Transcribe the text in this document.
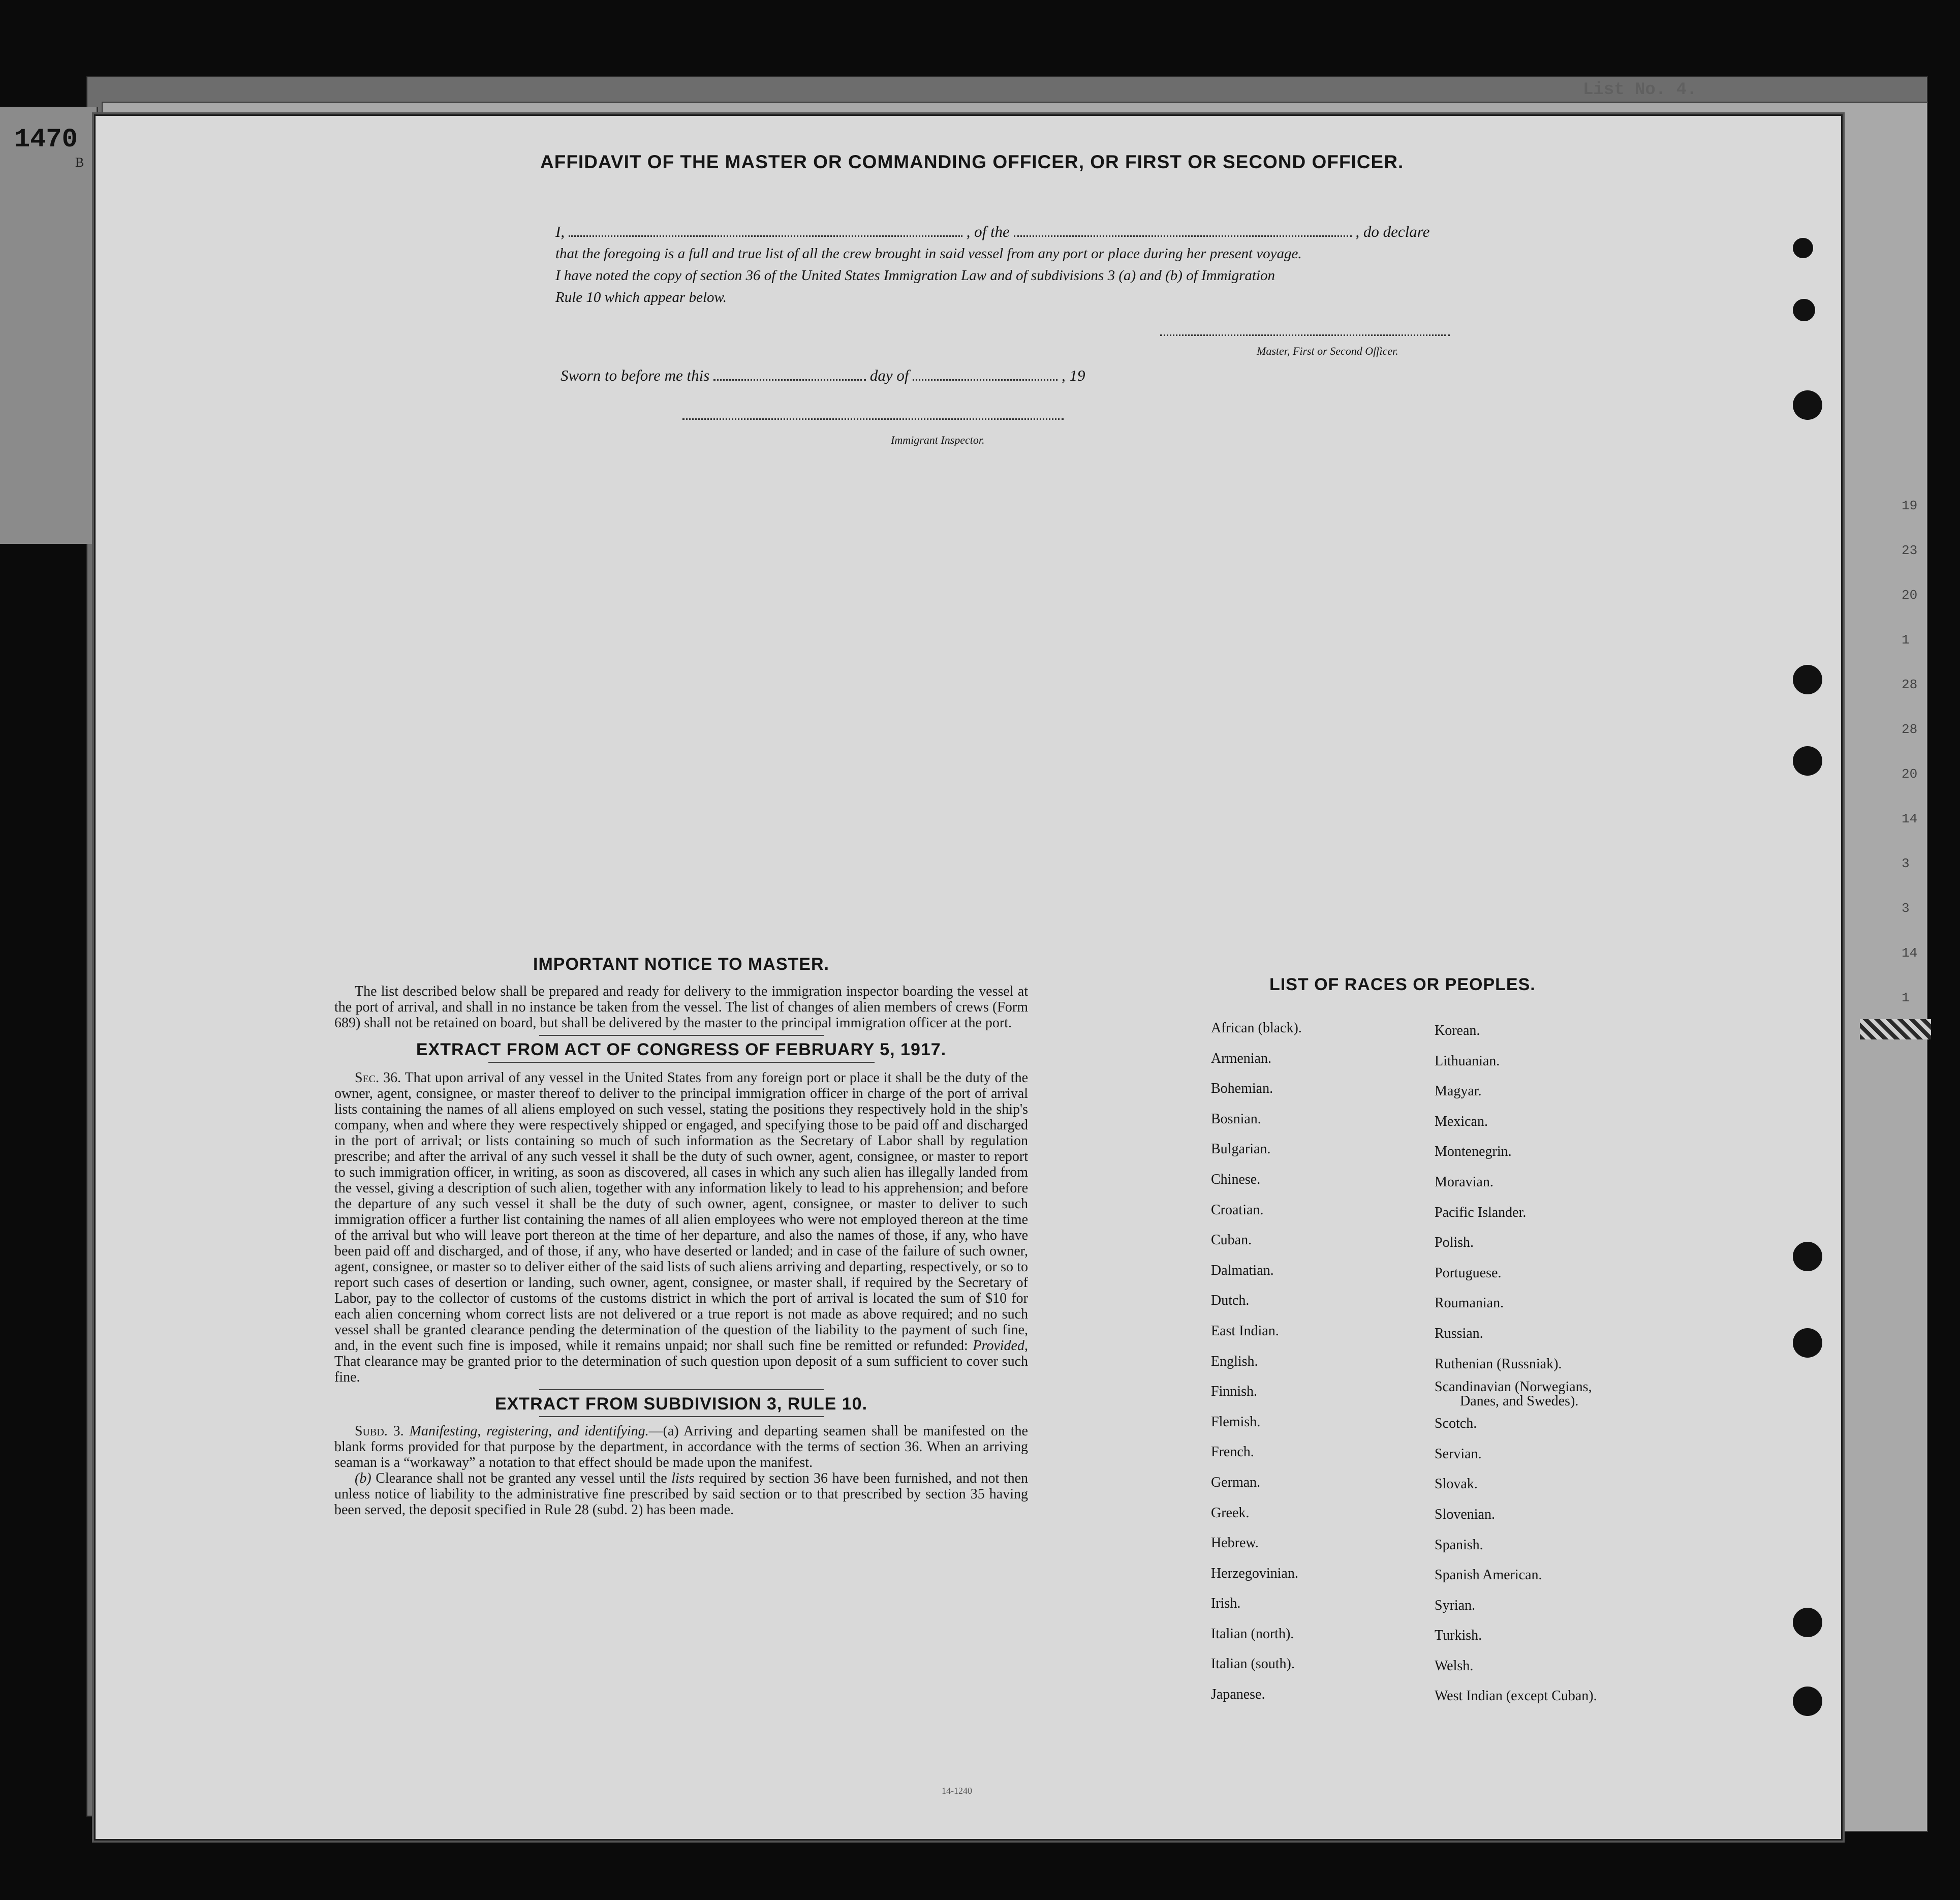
List No. 4.
1470
B
19
23
20
1
28
28
20
14
3
3
14
1
AFFIDAVIT OF THE MASTER OR COMMANDING OFFICER, OR FIRST OR SECOND OFFICER.
I,	, of the	, do declare
that the foregoing is a full and true list of all the crew brought in said vessel from any port or place during her present voyage.
I have noted the copy of section 36 of the United States Immigration Law and of subdivisions 3 (a) and (b) of Immigration
Rule 10 which appear below.
Master, First or Second Officer.
Sworn to before me this	day of	, 19
Immigrant Inspector.
IMPORTANT NOTICE TO MASTER.
The list described below shall be prepared and ready for delivery to the immigration inspector boarding the vessel at the port of arrival, and shall in no instance be taken from the vessel. The list of changes of alien members of crews (Form 689) shall not be retained on board, but shall be delivered by the master to the principal immigration officer at the port.
EXTRACT FROM ACT OF CONGRESS OF FEBRUARY 5, 1917.
Sec. 36. That upon arrival of any vessel in the United States from any foreign port or place it shall be the duty of the owner, agent, consignee, or master thereof to deliver to the principal immigration officer in charge of the port of arrival lists containing the names of all aliens employed on such vessel, stating the positions they respectively hold in the ship's company, when and where they were respectively shipped or engaged, and specifying those to be paid off and discharged in the port of arrival; or lists containing so much of such information as the Secretary of Labor shall by regulation prescribe; and after the arrival of any such vessel it shall be the duty of such owner, agent, consignee, or master to report to such immigration officer, in writing, as soon as discovered, all cases in which any such alien has illegally landed from the vessel, giving a description of such alien, together with any information likely to lead to his apprehension; and before the departure of any such vessel it shall be the duty of such owner, agent, consignee, or master to deliver to such immigration officer a further list containing the names of all alien employees who were not employed thereon at the time of the arrival but who will leave port thereon at the time of her departure, and also the names of those, if any, who have been paid off and discharged, and of those, if any, who have deserted or landed; and in case of the failure of such owner, agent, consignee, or master so to deliver either of the said lists of such aliens arriving and departing, respectively, or so to report such cases of desertion or landing, such owner, agent, consignee, or master shall, if required by the Secretary of Labor, pay to the collector of customs of the customs district in which the port of arrival is located the sum of $10 for each alien concerning whom correct lists are not delivered or a true report is not made as above required; and no such vessel shall be granted clearance pending the determination of the question of the liability to the payment of such fine, and, in the event such fine is imposed, while it remains unpaid; nor shall such fine be remitted or refunded: Provided, That clearance may be granted prior to the determination of such question upon deposit of a sum sufficient to cover such fine.
EXTRACT FROM SUBDIVISION 3, RULE 10.
Subd. 3. Manifesting, registering, and identifying.—(a) Arriving and departing seamen shall be manifested on the blank forms provided for that purpose by the department, in accordance with the terms of section 36. When an arriving seaman is a “workaway” a notation to that effect should be made upon the manifest.
(b) Clearance shall not be granted any vessel until the lists required by section 36 have been furnished, and not then unless notice of liability to the administrative fine prescribed by said section or to that prescribed by section 35 having been served, the deposit specified in Rule 28 (subd. 2) has been made.
LIST OF RACES OR PEOPLES.
African (black).
Armenian.
Bohemian.
Bosnian.
Bulgarian.
Chinese.
Croatian.
Cuban.
Dalmatian.
Dutch.
East Indian.
English.
Finnish.
Flemish.
French.
German.
Greek.
Hebrew.
Herzegovinian.
Irish.
Italian (north).
Italian (south).
Japanese.
Korean.
Lithuanian.
Magyar.
Mexican.
Montenegrin.
Moravian.
Pacific Islander.
Polish.
Portuguese.
Roumanian.
Russian.
Ruthenian (Russniak).
Scandinavian (Norwegians,
Danes, and Swedes).
Scotch.
Servian.
Slovak.
Slovenian.
Spanish.
Spanish American.
Syrian.
Turkish.
Welsh.
West Indian (except Cuban).
14-1240
